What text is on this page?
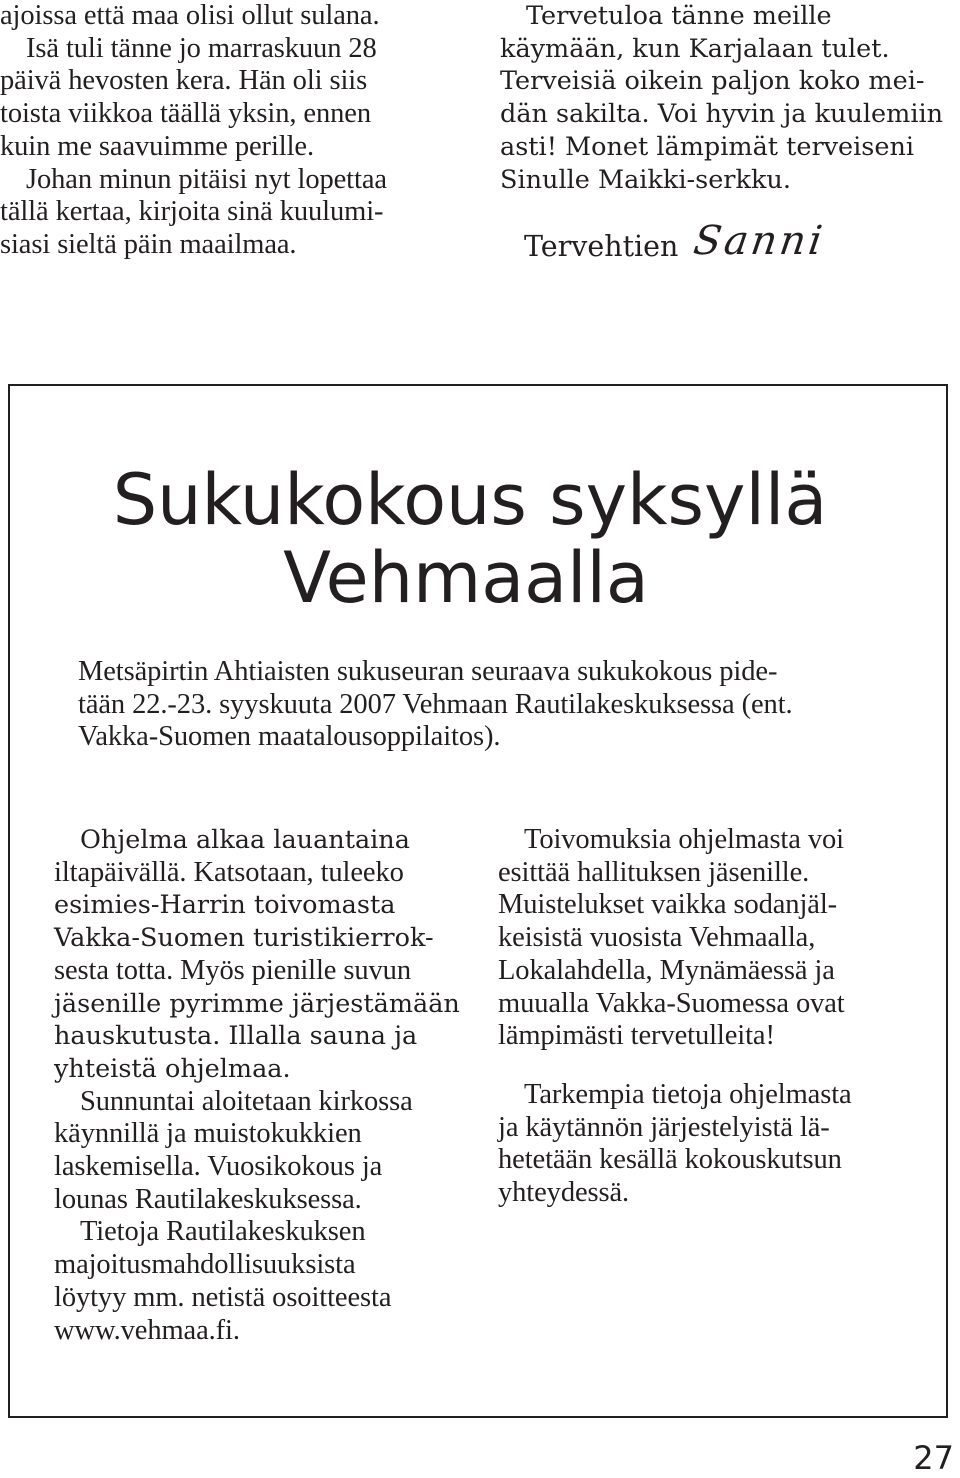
ajoissa että maa olisi ollut sulana.
Isä tuli tänne jo marraskuun 28
päivä hevosten kera. Hän oli siis
toista viikkoa täällä yksin, ennen
kuin me saavuimme perille.
Johan minun pitäisi nyt lopettaa
tällä kertaa, kirjoita sinä kuulumi-
siasi sieltä päin maailmaa.
Tervetuloa tänne meille
käymään, kun Karjalaan tulet.
Terveisiä oikein paljon koko mei-
dän sakilta. Voi hyvin ja kuulemiin
asti! Monet lämpimät terveiseni
Sinulle Maikki-serkku.
Tervehtien Sanni
Sukukokous syksyllä
Vehmaalla
Metsäpirtin Ahtiaisten sukuseuran seuraava sukukokous pide-
tään 22.-23. syyskuuta 2007 Vehmaan Rautilakeskuksessa (ent.
Vakka-Suomen maatalousoppilaitos).
Ohjelma alkaa lauantaina
iltapäivällä. Katsotaan, tuleeko
esimies-Harrin toivomasta
Vakka-Suomen turistikierrok-
sesta totta. Myös pienille suvun
jäsenille pyrimme järjestämään
hauskutusta. Illalla sauna ja
yhteistä ohjelmaa.
Sunnuntai aloitetaan kirkossa
käynnillä ja muistokukkien
laskemisella. Vuosikokous ja
lounas Rautilakeskuksessa.
Tietoja Rautilakeskuksen
majoitusmahdollisuuksista
löytyy mm. netistä osoitteesta
www.vehmaa.fi.
Toivomuksia ohjelmasta voi
esittää hallituksen jäsenille.
Muistelukset vaikka sodanjäl-
keisistä vuosista Vehmaalla,
Lokalahdella, Mynämäessä ja
muualla Vakka-Suomessa ovat
lämpimästi tervetulleita!
Tarkempia tietoja ohjelmasta
ja käytännön järjestelyistä lä-
hetetään kesällä kokouskutsun
yhteydessä.
27
